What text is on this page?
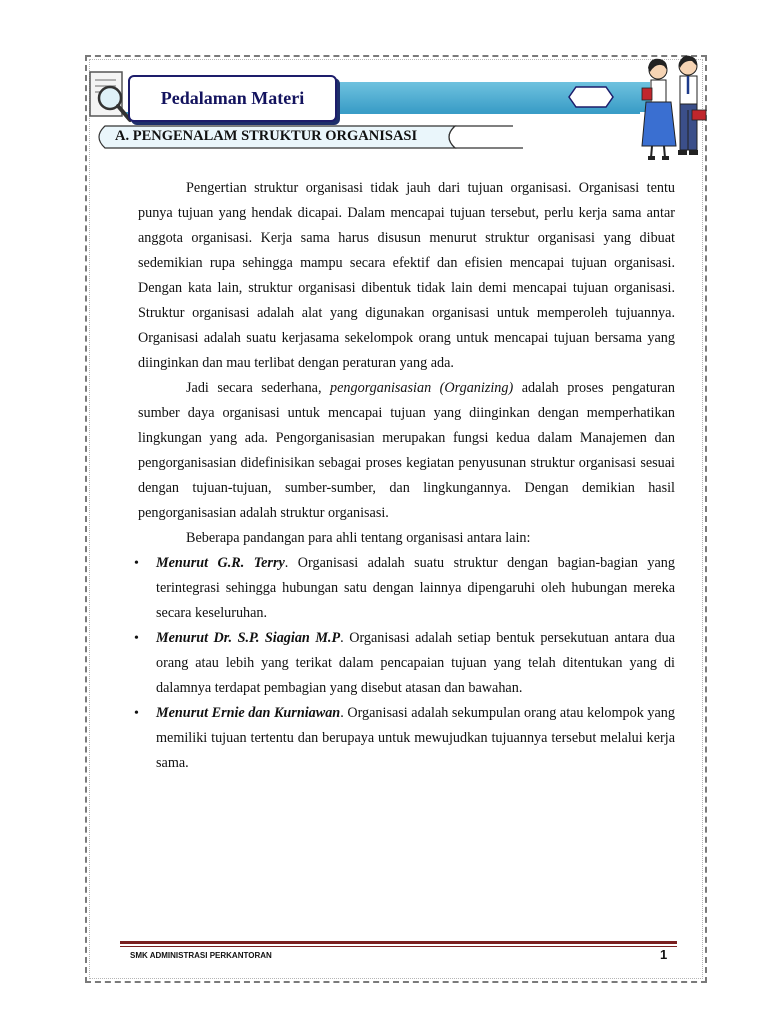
Pedalaman Materi
A. PENGENALAM STRUKTUR ORGANISASI

Pengertian struktur organisasi tidak jauh dari tujuan organisasi. Organisasi tentu punya tujuan yang hendak dicapai. Dalam mencapai tujuan tersebut, perlu kerja sama antar anggota organisasi. Kerja sama harus disusun menurut struktur organisasi yang dibuat sedemikian rupa sehingga mampu secara efektif dan efisien mencapai tujuan organisasi. Dengan kata lain, struktur organisasi dibentuk tidak lain demi mencapai tujuan organisasi. Struktur organisasi adalah alat yang digunakan organisasi untuk memperoleh tujuannya. Organisasi adalah suatu kerjasama sekelompok orang untuk mencapai tujuan bersama yang diinginkan dan mau terlibat dengan peraturan yang ada.

Jadi secara sederhana, pengorganisasian (Organizing) adalah proses pengaturan sumber daya organisasi untuk mencapai tujuan yang diinginkan dengan memperhatikan lingkungan yang ada. Pengorganisasian merupakan fungsi kedua dalam Manajemen dan pengorganisasian didefinisikan sebagai proses kegiatan penyusunan struktur organisasi sesuai dengan tujuan-tujuan, sumber-sumber, dan lingkungannya. Dengan demikian hasil pengorganisasian adalah struktur organisasi.

Beberapa pandangan para ahli tentang organisasi antara lain:

• Menurut G.R. Terry. Organisasi adalah suatu struktur dengan bagian-bagian yang terintegrasi sehingga hubungan satu dengan lainnya dipengaruhi oleh hubungan mereka secara keseluruhan.
• Menurut Dr. S.P. Siagian M.P. Organisasi adalah setiap bentuk persekutuan antara dua orang atau lebih yang terikat dalam pencapaian tujuan yang telah ditentukan yang di dalamnya terdapat pembagian yang disebut atasan dan bawahan.
• Menurut Ernie dan Kurniawan. Organisasi adalah sekumpulan orang atau kelompok yang memiliki tujuan tertentu dan berupaya untuk mewujudkan tujuannya tersebut melalui kerja sama.
SMK ADMINISTRASI PERKANTORAN	1
